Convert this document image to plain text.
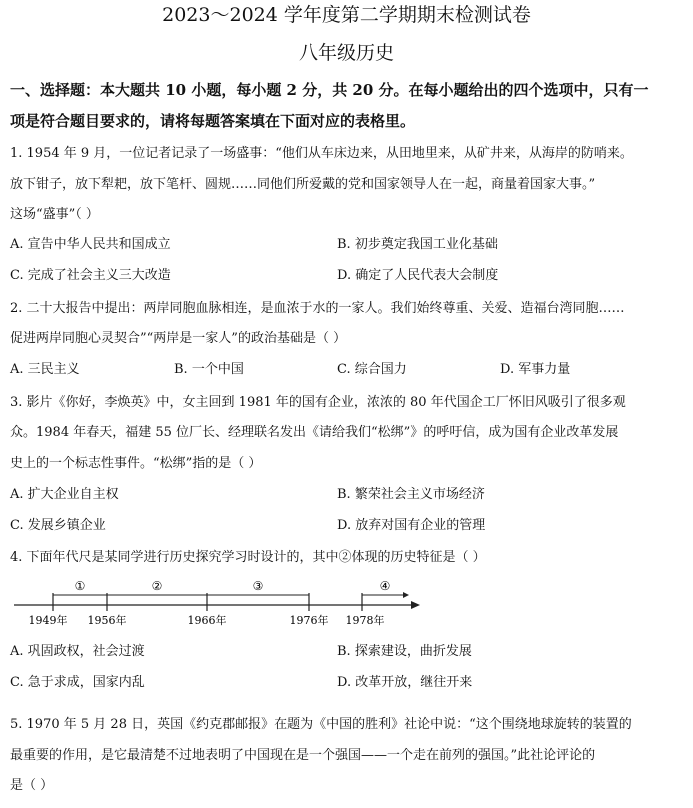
2023～2024 学年度第二学期期末检测试卷
八年级历史
一、选择题：本大题共 10 小题，每小题 2 分，共 20 分。在每小题给出的四个选项中，只有一
项是符合题目要求的，请将每题答案填在下面对应的表格里。
1. 1954 年 9 月，一位记者记录了一场盛事：“他们从车床边来，从田地里来，从矿井来，从海岸的防哨来。
放下钳子，放下犁耙，放下笔杆、圆规……同他们所爱戴的党和国家领导人在一起，商量着国家大事。”
这场“盛事”（ ）
A. 宣告中华人民共和国成立	B. 初步奠定我国工业化基础
C. 完成了社会主义三大改造	D. 确定了人民代表大会制度
2. 二十大报告中提出：两岸同胞血脉相连，是血浓于水的一家人。我们始终尊重、关爱、造福台湾同胞……
促进两岸同胞心灵契合”“两岸是一家人”的政治基础是（ ）
A. 三民主义	B. 一个中国	C. 综合国力	D. 军事力量
3. 影片《你好，李焕英》中，女主回到 1981 年的国有企业，浓浓的 80 年代国企工厂怀旧风吸引了很多观
众。1984 年春天，福建 55 位厂长、经理联名发出《请给我们“松绑”》的呼吁信，成为国有企业改革发展
史上的一个标志性事件。“松绑”指的是（ ）
A. 扩大企业自主权	B. 繁荣社会主义市场经济
C. 发展乡镇企业	D. 放弃对国有企业的管理
4. 下面年代尺是某同学进行历史探究学习时设计的，其中②体现的历史特征是（ ）
①	②	③	④
1949年 1956年	1966年	1976年 1978年
A. 巩固政权，社会过渡	B. 探索建设，曲折发展
C. 急于求成，国家内乱	D. 改革开放，继往开来
5. 1970 年 5 月 28 日，英国《约克郡邮报》在题为《中国的胜利》社论中说：“这个围绕地球旋转的装置的
最重要的作用，是它最清楚不过地表明了中国现在是一个强国——一个走在前列的强国。”此社论评论的
是（ ）
